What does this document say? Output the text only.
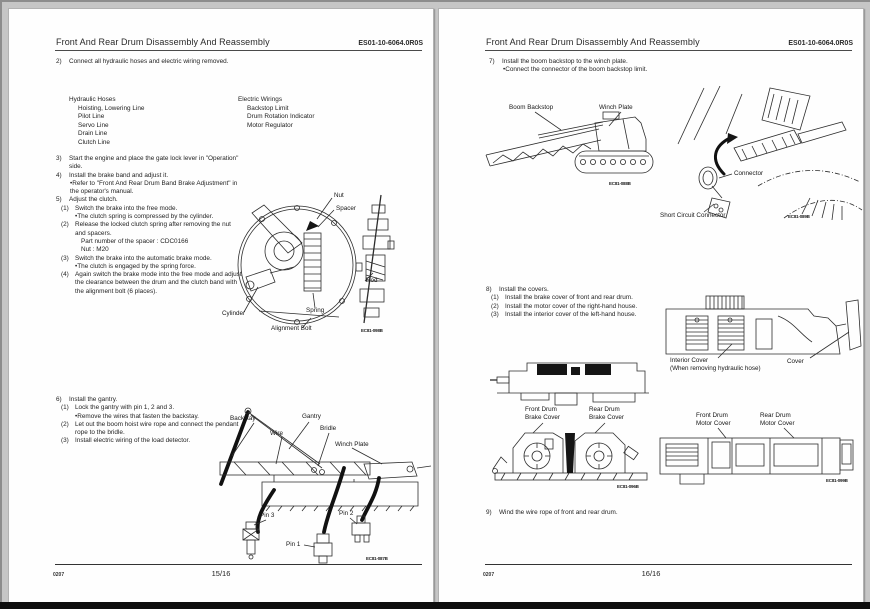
Front And Rear Drum Disassembly And Reassembly	ES01-10-6064.0R0S
2)	Connect all hydraulic hoses and electric wiring removed.
Hydraulic Hoses
Hoisting, Lowering Line
Pilot Line
Servo Line
Drain Line
Clutch Line
Electric Wirings
Backstop Limit
Drum Rotation Indicator
Motor Regulator
3)	Start the engine and place the gate lock lever in "Operation" side.
4)	Install the brake band and adjust it.
•Refer to "Front And Rear Drum Band Brake Adjustment" in the operator's manual.
5)	Adjust the clutch.
(1) Switch the brake into the free mode.
•The clutch spring is compressed by the cylinder.
(2) Release the locked clutch spring after removing the nut and spacers.
Part number of the spacer : CDC0166
Nut : M20
(3) Switch the brake into the automatic brake mode.
•The clutch is engaged by the spring force.
(4) Again switch the brake mode into the free mode and adjust the clearance between the drum and the clutch band with the alignment bolt (6 places).
6)	Install the gantry.
(1) Lock the gantry with pin 1, 2 and 3.
•Remove the wires that fasten the backstay.
(2) Let out the boom hoist wire rope and connect the pendant rope to the bridle.
(3) Install electric wiring of the load detector.
Nut
Spacer
Rod
Cylinder	Spring
Alignment Bolt	EC81-098B
Backstay	Gantry
Wire
Bridle
Winch Plate
Pin 3
Pin 1
Pin 2
EC81-087B
0207	15/16
Front And Rear Drum Disassembly And Reassembly	ES01-10-6064.0R0S
7)	Install the boom backstop to the winch plate.
•Connect the connector of the boom backstop limit.
Boom Backstop	Winch Plate
EC81-088B
Connector
Short Circuit Connector	EC81-089B
8)	Install the covers.
(1) Install the brake cover of front and rear drum.
(2) Install the motor cover of the right-hand house.
(3) Install the interior cover of the left-hand house.
Interior Cover
(When removing hydraulic hose)
Cover
Front Drum
Brake Cover
Rear Drum
Brake Cover
EC81-096B
Front Drum
Motor Cover
Rear Drum
Motor Cover
EC81-099B
9)	Wind the wire rope of front and rear drum.
0207	16/16
